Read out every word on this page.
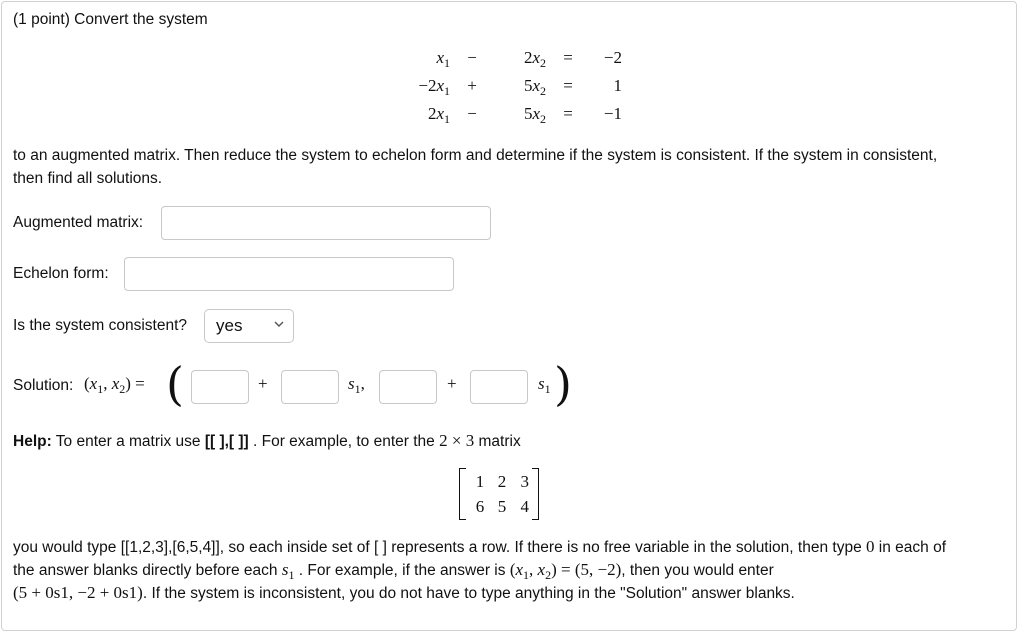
(1 point) Convert the system
$x_1$	−	$2x_2$	=	−2
$-2x_1$	+	$5x_2$	=	1
$2x_1$	−	$5x_2$	=	−1
to an augmented matrix. Then reduce the system to echelon form and determine if the system is consistent. If the system in consistent,
then find all solutions.
Augmented matrix:
Echelon form:
Is the system consistent?	yes
Solution: ($x_1$, $x_2$) = (	+	$s_1$,	+	$s_1$ )
Help: To enter a matrix use [[ ],[ ]] . For example, to enter the 2 × 3 matrix
1	2	3
6	5	4
you would type [[1,2,3],[6,5,4]], so each inside set of [ ] represents a row. If there is no free variable in the solution, then type 0 in each of
the answer blanks directly before each $s_1$ . For example, if the answer is ($x_1$, $x_2) = (5$, −2), then you would enter
(5 + 0s1, −2 + 0s1). If the system is inconsistent, you do not have to type anything in the "Solution" answer blanks.
